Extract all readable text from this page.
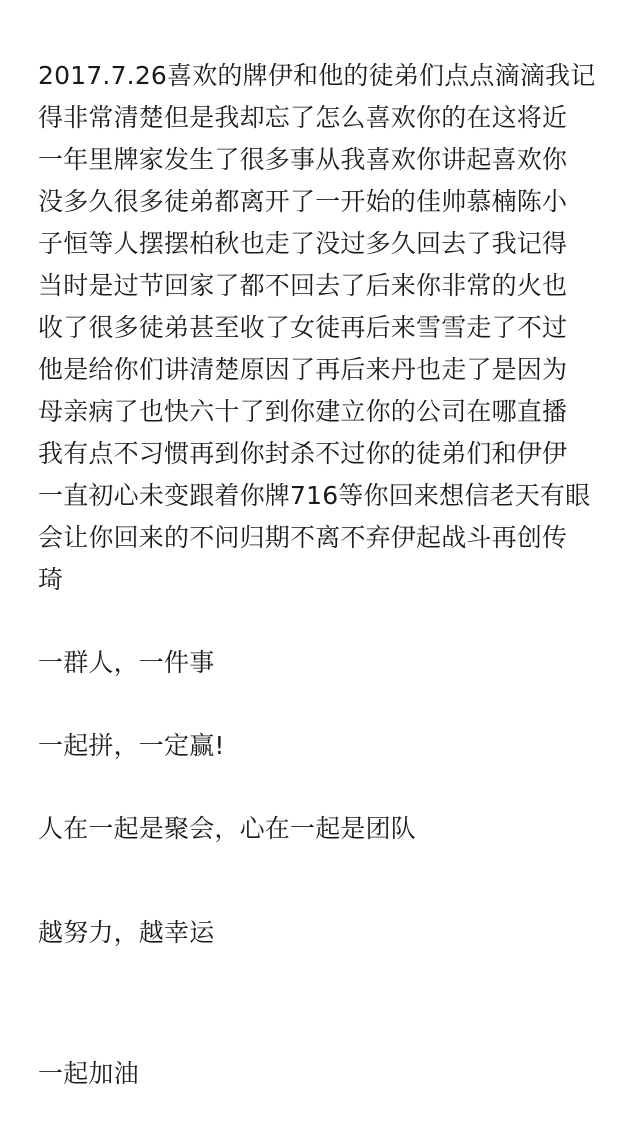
2017.7.26喜欢的牌伊和他的徒弟们点点滴滴我记
得非常清楚但是我却忘了怎么喜欢你的在这将近
一年里牌家发生了很多事从我喜欢你讲起喜欢你
没多久很多徒弟都离开了一开始的佳帅慕楠陈小
子恒等人摆摆柏秋也走了没过多久回去了我记得
当时是过节回家了都不回去了后来你非常的火也
收了很多徒弟甚至收了女徒再后来雪雪走了不过
他是给你们讲清楚原因了再后来丹也走了是因为
母亲病了也快六十了到你建立你的公司在哪直播
我有点不习惯再到你封杀不过你的徒弟们和伊伊
一直初心未变跟着你牌716等你回来想信老天有眼
会让你回来的不问归期不离不弃伊起战斗再创传
琦
一群人，一件事
一起拼，一定赢!
人在一起是聚会，心在一起是团队
越努力，越幸运
一起加油
